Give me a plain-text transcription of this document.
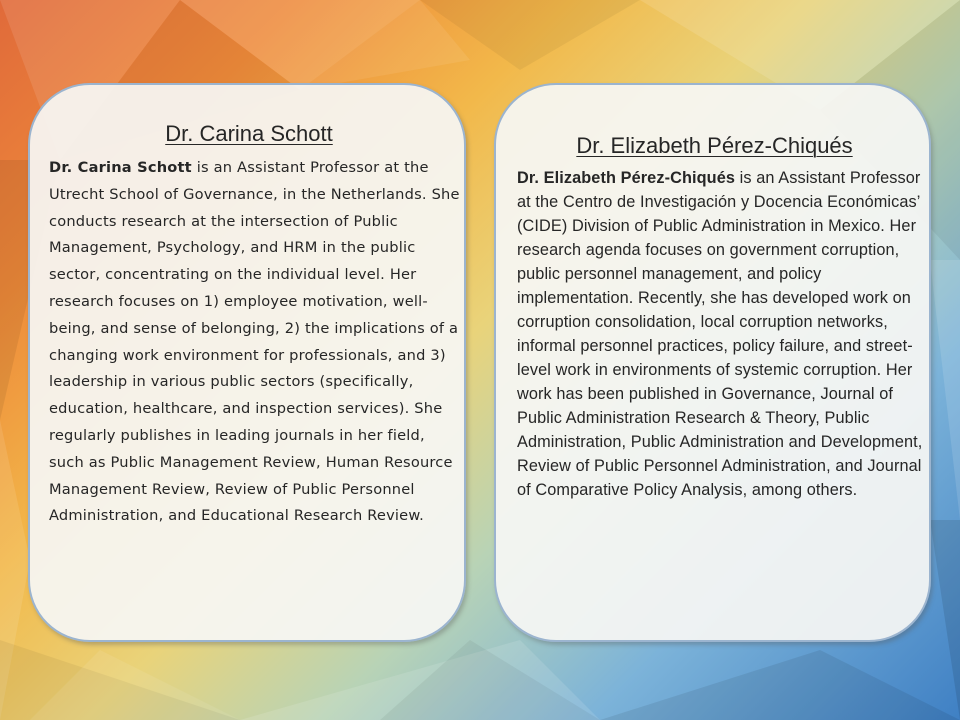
Dr. Carina Schott

Dr. Carina Schott is an Assistant Professor at the Utrecht School of Governance, in the Netherlands. She conducts research at the intersection of Public Management, Psychology, and HRM in the public sector, concentrating on the individual level. Her research focuses on 1) employee motivation, well-being, and sense of belonging, 2) the implications of a changing work environment for professionals, and 3) leadership in various public sectors (specifically, education, healthcare, and inspection services). She regularly publishes in leading journals in her field, such as Public Management Review, Human Resource Management Review, Review of Public Personnel Administration, and Educational Research Review.

Dr. Elizabeth Pérez-Chiqués

Dr. Elizabeth Pérez-Chiqués is an Assistant Professor at the Centro de Investigación y Docencia Económicas’ (CIDE) Division of Public Administration in Mexico. Her research agenda focuses on government corruption, public personnel management, and policy implementation. Recently, she has developed work on corruption consolidation, local corruption networks, informal personnel practices, policy failure, and street-level work in environments of systemic corruption. Her work has been published in Governance, Journal of Public Administration Research & Theory, Public Administration, Public Administration and Development, Review of Public Personnel Administration, and Journal of Comparative Policy Analysis, among others.
